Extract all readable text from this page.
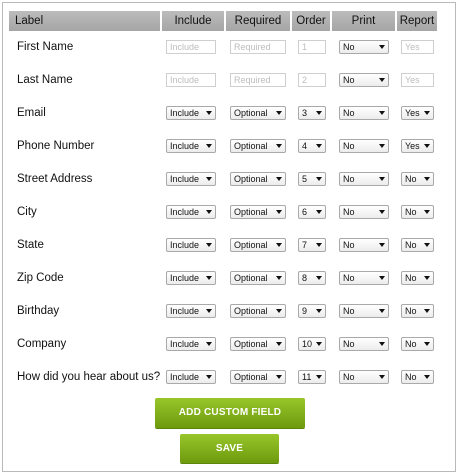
Label	Include	Required	Order	Print	Report
First Name	Include	Required	1	No	Yes
Last Name	Include	Required	2	No	Yes
Email	Include	Optional	3	No	Yes
Phone Number	Include	Optional	4	No	Yes
Street Address	Include	Optional	5	No	No
City	Include	Optional	6	No	No
State	Include	Optional	7	No	No
Zip Code	Include	Optional	8	No	No
Birthday	Include	Optional	9	No	No
Company	Include	Optional	10	No	No
How did you hear about us?	Include	Optional	11	No	No
ADD CUSTOM FIELD
SAVE
